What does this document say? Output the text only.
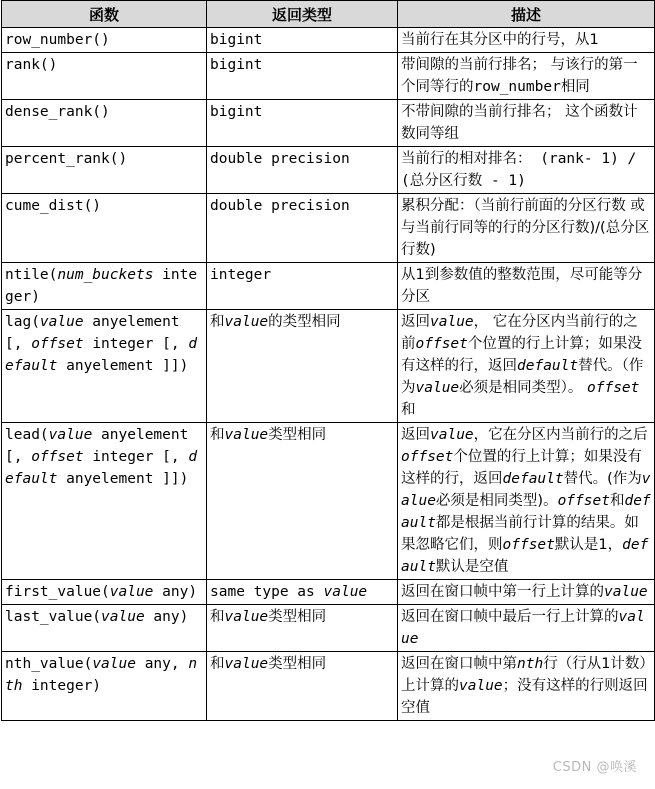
函数	返回类型	描述
row_number()	bigint	当前行在其分区中的行号，从1
rank()	bigint	带间隙的当前行排名； 与该行的第一个同等行的row_number相同
dense_rank()	bigint	不带间隙的当前行排名； 这个函数计数同等组
percent_rank()	double precision	当前行的相对排名： (rank- 1) / (总分区行数 - 1)
cume_dist()	double precision	累积分配：（当前行前面的分区行数 或 与当前行同等的行的分区行数)/(总分区行数)
ntile(num_buckets integer)	integer	从1到参数值的整数范围，尽可能等分分区
lag(value anyelement [, offset integer [, default anyelement ]])	和value的类型相同	返回value， 它在分区内当前行的之前offset个位置的行上计算；如果没有这样的行，返回default替代。（作为value必须是相同类型）。 offset和
lead(value anyelement [, offset integer [, default anyelement ]])	和value类型相同	返回value，它在分区内当前行的之后offset个位置的行上计算；如果没有这样的行，返回default替代。(作为value必须是相同类型)。offset和default都是根据当前行计算的结果。如果忽略它们，则offset默认是1，default默认是空值
first_value(value any)	same type as value	返回在窗口帧中第一行上计算的value
last_value(value any)	和value类型相同	返回在窗口帧中最后一行上计算的value
nth_value(value any, nth integer)	和value类型相同	返回在窗口帧中第nth行（行从1计数）上计算的value；没有这样的行则返回空值
CSDN @唤溪
